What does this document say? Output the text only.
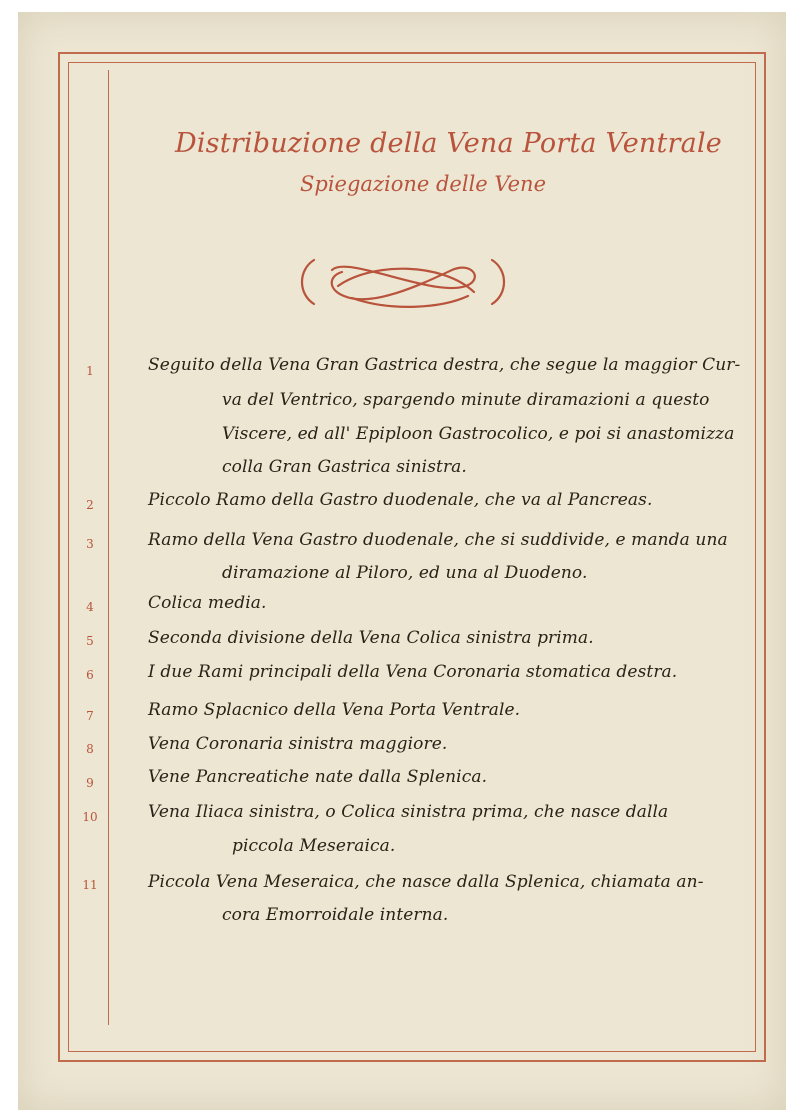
Distribuzione della Vena Porta Ventrale
Spiegazione delle Vene
1	Seguito della Vena Gran Gastrica destra, che segue la maggior Cur-
va del Ventrico, spargendo minute diramazioni a questo
Viscere, ed all' Epiploon Gastrocolico, e poi si anastomizza
colla Gran Gastrica sinistra.
2	Piccolo Ramo della Gastro duodenale, che va al Pancreas.
3	Ramo della Vena Gastro duodenale, che si suddivide, e manda una
diramazione al Piloro, ed una al Duodeno.
4	Colica media.
5	Seconda divisione della Vena Colica sinistra prima.
6	I due Rami principali della Vena Coronaria stomatica destra.
7	Ramo Splacnico della Vena Porta Ventrale.
8	Vena Coronaria sinistra maggiore.
9	Vene Pancreatiche nate dalla Splenica.
10	Vena Iliaca sinistra, o Colica sinistra prima, che nasce dalla
piccola Meseraica.
11	Piccola Vena Meseraica, che nasce dalla Splenica, chiamata an-
cora Emorroidale interna.
